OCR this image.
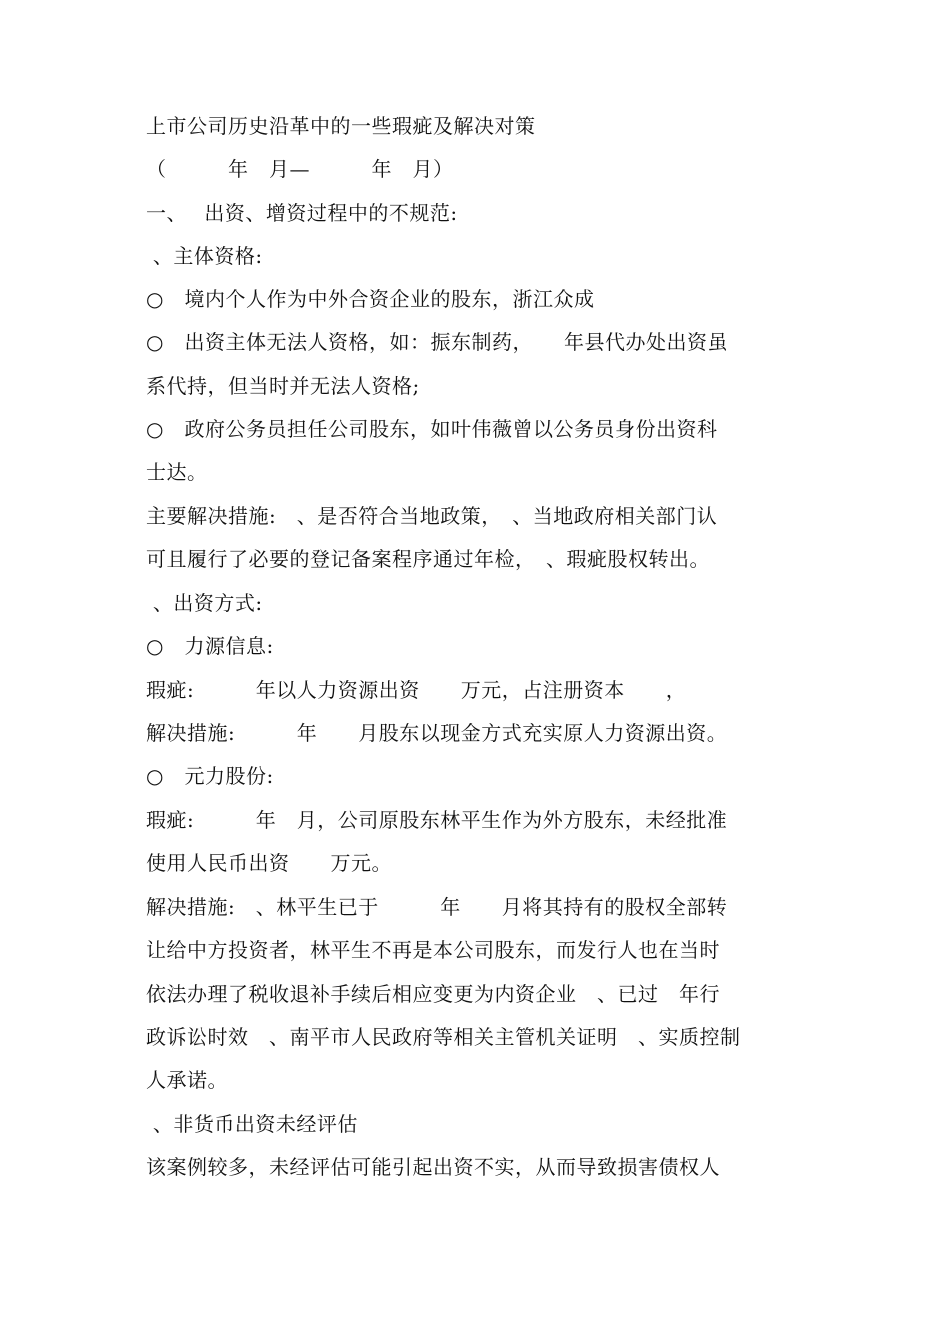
上市公司历史沿革中的一些瑕疵及解决对策
（　　　年　月—　　　年　月）
一、　 出资、增资过程中的不规范:
、主体资格:
○　境内个人作为中外合资企业的股东，浙江众成
○　出资主体无法人资格，如：振东制药，　　年县代办处出资虽
系代持，但当时并无法人资格;
○　政府公务员担任公司股东，如叶伟薇曾以公务员身份出资科
士达。
主要解决措施:　、是否符合当地政策，　、当地政府相关部门认
可且履行了必要的登记备案程序通过年检，　、瑕疵股权转出。
、出资方式:
○　力源信息:
瑕疵:　　　年以人力资源出资　　万元，占注册资本　　，
解决措施:　　　年　　月股东以现金方式充实原人力资源出资。
○　元力股份:
瑕疵:　　　年　月，公司原股东林平生作为外方股东，未经批准
使用人民币出资　　万元。
解决措施:　、林平生已于　　　年　　月将其持有的股权全部转
让给中方投资者，林平生不再是本公司股东，而发行人也在当时
依法办理了税收退补手续后相应变更为内资企业　、已过　年行
政诉讼时效　、南平市人民政府等相关主管机关证明　、实质控制
人承诺。
、非货币出资未经评估
该案例较多，未经评估可能引起出资不实，从而导致损害债权人
